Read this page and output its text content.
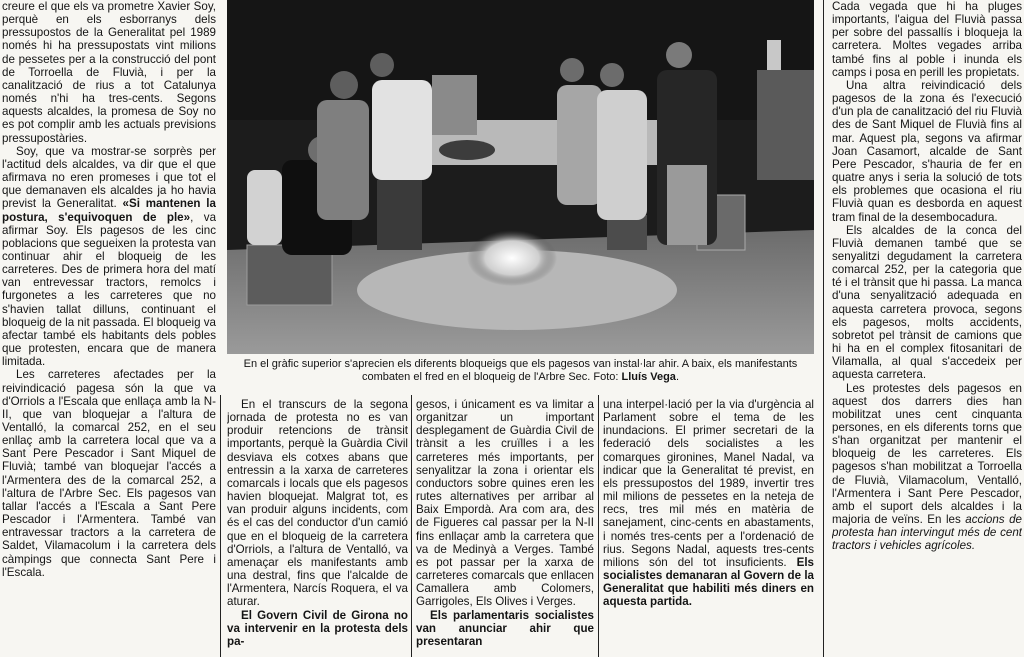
creure el que els va prometre Xavier Soy, perquè en els esborranys dels pressupostos de la Generalitat pel 1989 només hi ha pressupostats vint milions de pessetes per a la construcció del pont de Torroella de Fluvià, i per la canalització de rius a tot Catalunya només n'hi ha tres-cents. Segons aquests alcaldes, la promesa de Soy no es pot complir amb les actuals previsions pressupostàries.

Soy, que va mostrar-se sorprès per l'actitud dels alcaldes, va dir que el que afirmava no eren promeses i que tot el que demanaven els alcaldes ja ho havia previst la Generalitat. «Si mantenen la postura, s'equivoquen de ple», va afirmar Soy. Els pagesos de les cinc poblacions que segueixen la protesta van continuar ahir el bloqueig de les carreteres. Des de primera hora del matí van entrevessar tractors, remolcs i furgonetes a les carreteres que no s'havien tallat dilluns, continuant el bloqueig de la nit passada. El bloqueig va afectar també els habitants dels pobles que protesten, encara que de manera limitada.

Les carreteres afectades per la reivindicació pagesa són la que va d'Orriols a l'Escala que enllaça amb la N-II, que van bloquejar a l'altura de Ventalló, la comarcal 252, en el seu enllaç amb la carretera local que va a Sant Pere Pescador i Sant Miquel de Fluvià; també van bloquejar l'accés a l'Armentera des de la comarcal 252, a l'altura de l'Arbre Sec. Els pagesos van tallar l'accés a l'Escala a Sant Pere Pescador i l'Armentera. També van entravessar tractors a la carretera de Saldet, Vilamacolum i la carretera dels càmpings que connecta Sant Pere i l'Escala.

En el gràfic superior s'aprecien els diferents bloqueigs que els pagesos van instal·lar ahir. A baix, els manifestants combaten el fred en el bloqueig de l'Arbre Sec. Foto: Lluís Vega.

En el transcurs de la segona jornada de protesta no es van produir retencions de trànsit importants, perquè la Guàrdia Civil desviava els cotxes abans que entressin a la xarxa de carreteres comarcals i locals que els pagesos havien bloquejat. Malgrat tot, es van produir alguns incidents, com és el cas del conductor d'un camió que en el bloqueig de la carretera d'Orriols, a l'altura de Ventalló, va amenaçar els manifestants amb una destral, fins que l'alcalde de l'Armentera, Narcís Roquera, el va aturar.

El Govern Civil de Girona no va intervenir en la protesta dels pa-

gesos, i únicament es va limitar a organitzar un important desplegament de Guàrdia Civil de trànsit a les cruïlles i a les carreteres més importants, per senyalitzar la zona i orientar els conductors sobre quines eren les rutes alternatives per arribar al Baix Empordà. Ara com ara, des de Figueres cal passar per la N-II fins enllaçar amb la carretera que va de Medinyà a Verges. També es pot passar per la xarxa de carreteres comarcals que enllacen Camallera amb Colomers, Garrigoles, Els Olives i Verges.

Els parlamentaris socialistes van anunciar ahir que presentaran

una interpel·lació per la via d'urgència al Parlament sobre el tema de les inundacions. El primer secretari de la federació dels socialistes a les comarques gironines, Manel Nadal, va indicar que la Generalitat té previst, en els pressupostos del 1989, invertir tres mil milions de pessetes en la neteja de recs, tres mil més en matèria de sanejament, cinc-cents en abastaments, i només tres-cents per a l'ordenació de rius. Segons Nadal, aquests tres-cents milions són del tot insuficients. Els socialistes demanaran al Govern de la Generalitat que habiliti més diners en aquesta partida.

Cada vegada que hi ha pluges importants, l'aigua del Fluvià passa per sobre del passallís i bloqueja la carretera. Moltes vegades arriba també fins al poble i inunda els camps i posa en perill les propietats.

Una altra reivindicació dels pagesos de la zona és l'execució d'un pla de canalització del riu Fluvià des de Sant Miquel de Fluvià fins al mar. Aquest pla, segons va afirmar Joan Casamort, alcalde de Sant Pere Pescador, s'hauria de fer en quatre anys i seria la solució de tots els problemes que ocasiona el riu Fluvià quan es desborda en aquest tram final de la desembocadura.

Els alcaldes de la conca del Fluvià demanen també que se senyalitzi degudament la carretera comarcal 252, per la categoria que té i el trànsit que hi passa. La manca d'una senyalització adequada en aquesta carretera provoca, segons els pagesos, molts accidents, sobretot pel trànsit de camions que hi ha en el complex fitosanitari de Vilamalla, al qual s'accedeix per aquesta carretera.

Les protestes dels pagesos en aquest dos darrers dies han mobilitzat unes cent cinquanta persones, en els diferents torns que s'han organitzat per mantenir el bloqueig de les carreteres. Els pagesos s'han mobilitzat a Torroella de Fluvià, Vilamacolum, Ventalló, l'Armentera i Sant Pere Pescador, amb el suport dels alcaldes i la majoria de veïns. En les accions de protesta han intervingut més de cent tractors i vehicles agrícoles.
